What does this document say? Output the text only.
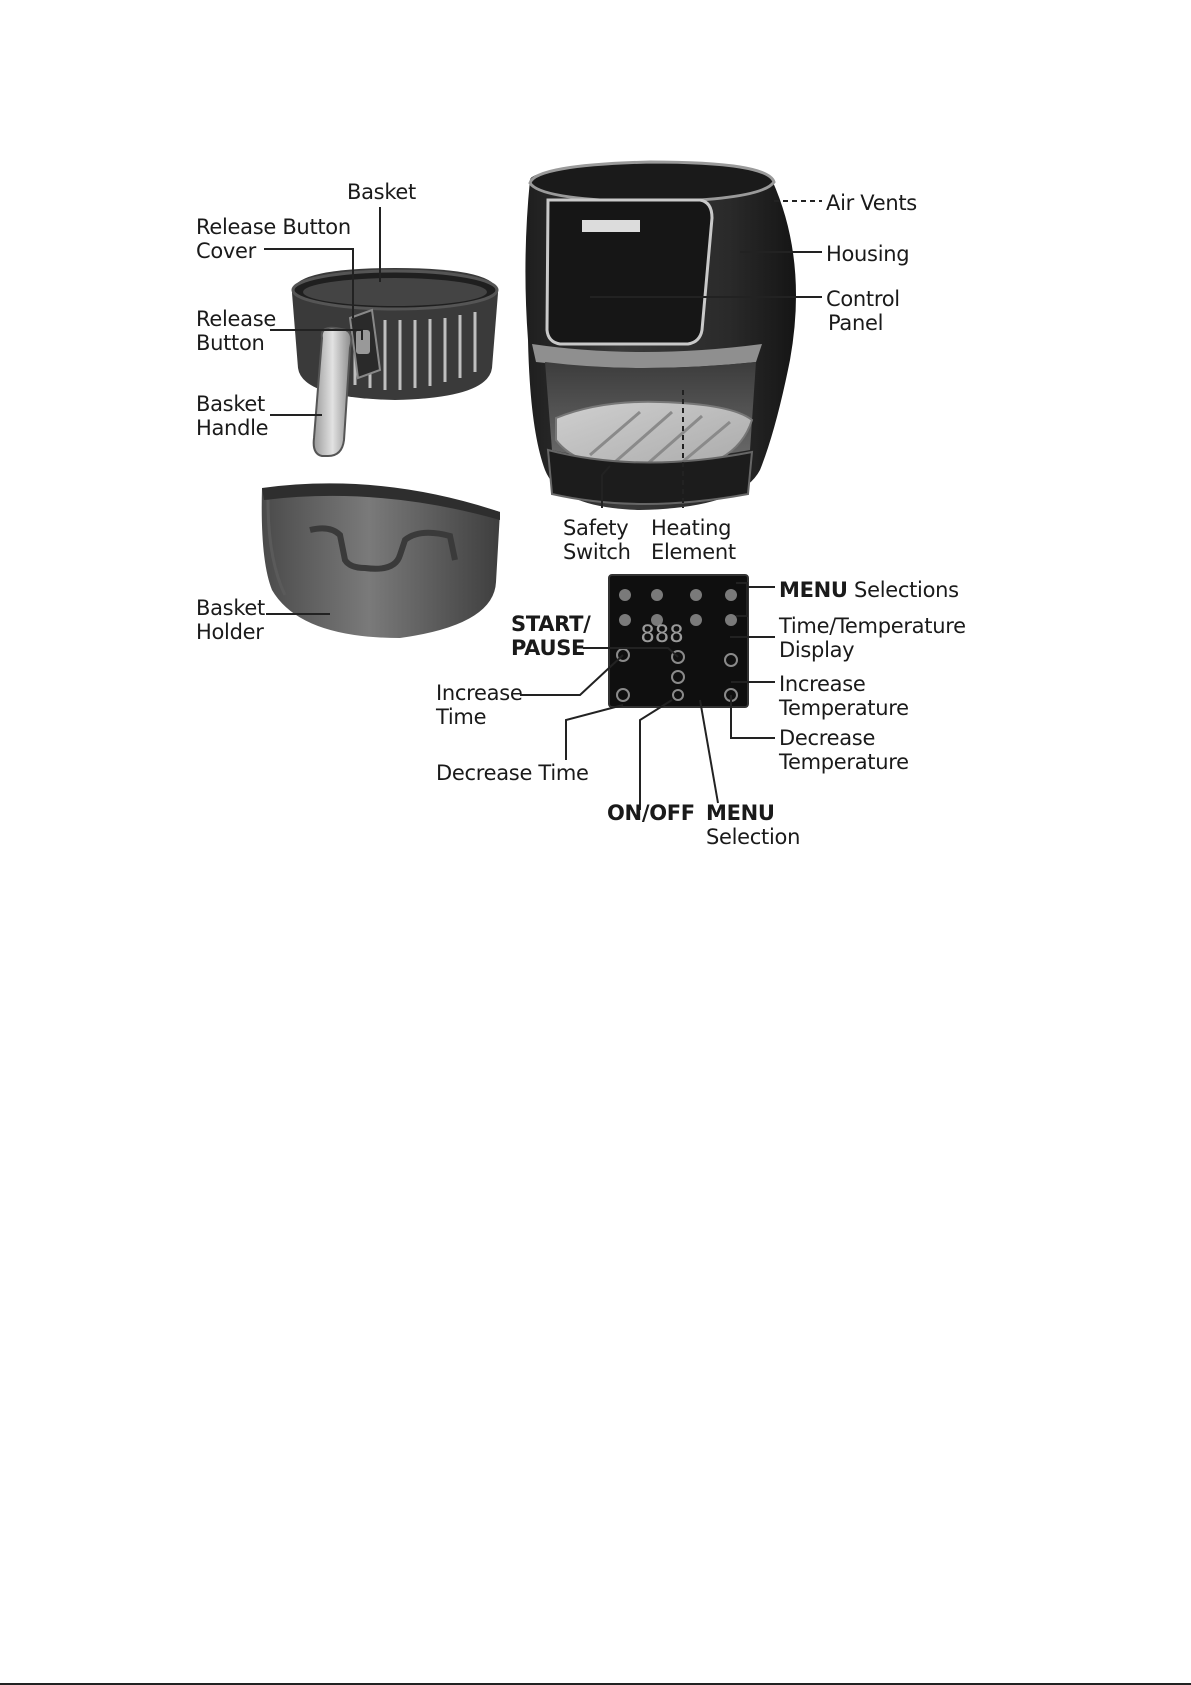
888
Basket
Release Button
Cover
Release
Button
Basket
Handle
Basket
Holder
Air Vents
Housing
Control
Panel
Safety
Switch
Heating
Element
MENU Selections
Time/Temperature
Display
START/
PAUSE
Increase
Time
Increase
Temperature
Decrease
Temperature
Decrease Time
ON/OFF MENU
Selection
